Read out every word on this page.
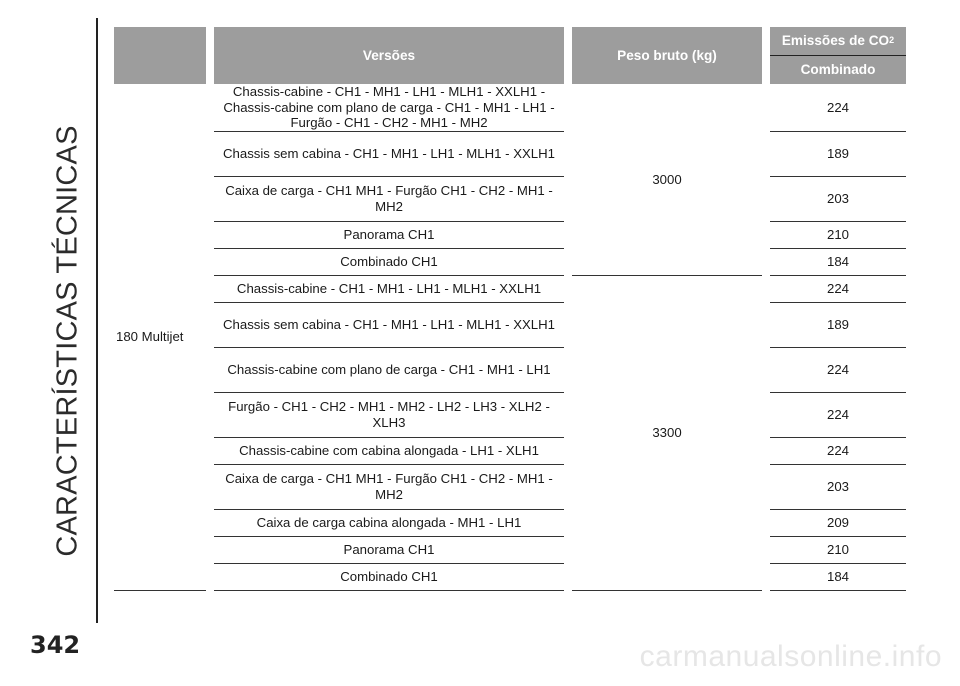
CARACTERÍSTICAS TÉCNICAS
		Versões		Peso bruto (kg)		Emissões de CO 2
Combinado

180 Multijet		Chassis-cabine - CH1 - MH1 - LH1 - MLH1 - XXLH1 - Chassis-cabine com plano de carga - CH1 - MH1 - LH1 - Furgão - CH1 - CH2 - MH1 - MH2		3000		224
		Chassis sem cabina - CH1 - MH1 - LH1 - MLH1 - XXLH1				189
		Caixa de carga - CH1 MH1 - Furgão CH1 - CH2 - MH1 - MH2				203
		Panorama CH1				210
		Combinado CH1				184
		Chassis-cabine - CH1 - MH1 - LH1 - MLH1 - XXLH1		3300		224
		Chassis sem cabina - CH1 - MH1 - LH1 - MLH1 - XXLH1				189
		Chassis-cabine com plano de carga - CH1 - MH1 - LH1				224
		Furgão - CH1 - CH2 - MH1 - MH2 - LH2 - LH3 - XLH2 - XLH3				224
		Chassis-cabine com cabina alongada - LH1 - XLH1				224
		Caixa de carga - CH1 MH1 - Furgão CH1 - CH2 - MH1 - MH2				203
		Caixa de carga cabina alongada - MH1 - LH1				209
		Panorama CH1				210
		Combinado CH1				184
342	carmanualsonline.info
